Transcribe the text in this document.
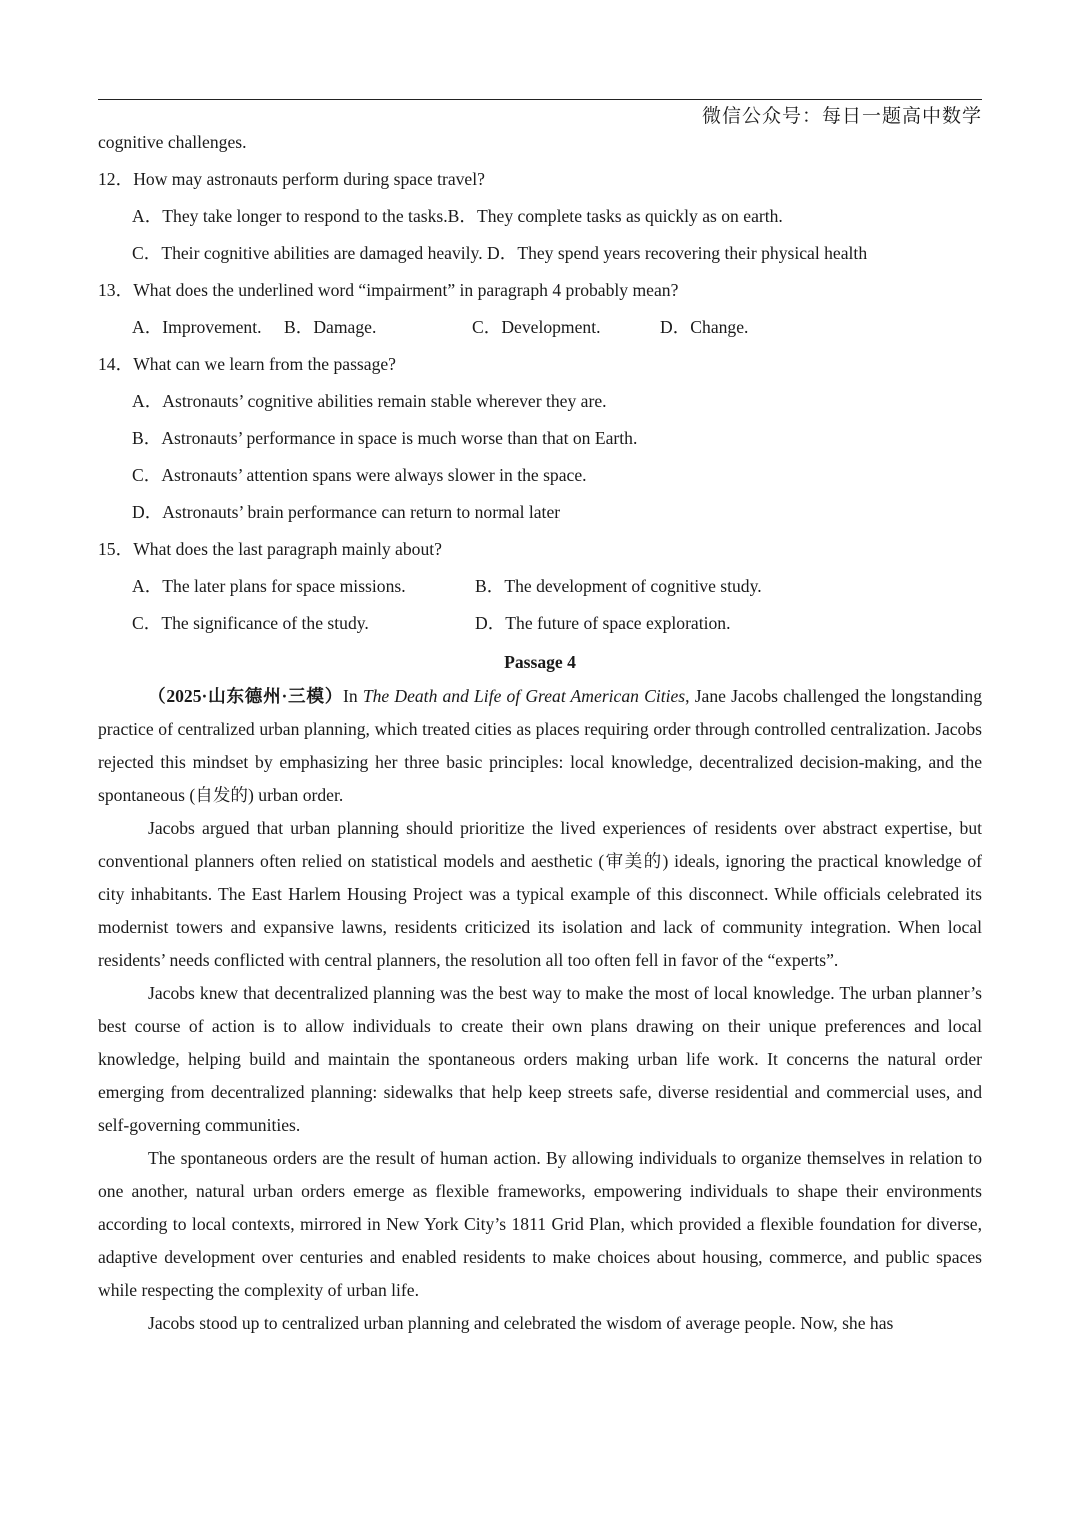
微信公众号：每日一题高中数学
cognitive challenges.
12．How may astronauts perform during space travel?
A．They take longer to respond to the tasks.B．They complete tasks as quickly as on earth.
C．Their cognitive abilities are damaged heavily. D．They spend years recovering their physical health
13．What does the underlined word “impairment” in paragraph 4 probably mean?
A．Improvement. B．Damage.	C．Development.	D．Change.
14．What can we learn from the passage?
A．Astronauts’ cognitive abilities remain stable wherever they are.
B．Astronauts’ performance in space is much worse than that on Earth.
C．Astronauts’ attention spans were always slower in the space.
D．Astronauts’ brain performance can return to normal later
15．What does the last paragraph mainly about?
A．The later plans for space missions.	B．The development of cognitive study.
C．The significance of the study.	D．The future of space exploration.
Passage 4

（2025·山东德州·三模）In The Death and Life of Great American Cities, Jane Jacobs challenged the longstanding practice of centralized urban planning, which treated cities as places requiring order through controlled centralization. Jacobs rejected this mindset by emphasizing her three basic principles: local knowledge, decentralized decision-making, and the spontaneous (自发的) urban order.

Jacobs argued that urban planning should prioritize the lived experiences of residents over abstract expertise, but conventional planners often relied on statistical models and aesthetic (审美的) ideals, ignoring the practical knowledge of city inhabitants. The East Harlem Housing Project was a typical example of this disconnect. While officials celebrated its modernist towers and expansive lawns, residents criticized its isolation and lack of community integration. When local residents’ needs conflicted with central planners, the resolution all too often fell in favor of the “experts”.

Jacobs knew that decentralized planning was the best way to make the most of local knowledge. The urban planner’s best course of action is to allow individuals to create their own plans drawing on their unique preferences and local knowledge, helping build and maintain the spontaneous orders making urban life work. It concerns the natural order emerging from decentralized planning: sidewalks that help keep streets safe, diverse residential and commercial uses, and self-governing communities.

The spontaneous orders are the result of human action. By allowing individuals to organize themselves in relation to one another, natural urban orders emerge as flexible frameworks, empowering individuals to shape their environments according to local contexts, mirrored in New York City’s 1811 Grid Plan, which provided a flexible foundation for diverse, adaptive development over centuries and enabled residents to make choices about housing, commerce, and public spaces while respecting the complexity of urban life.

Jacobs stood up to centralized urban planning and celebrated the wisdom of average people. Now, she has
